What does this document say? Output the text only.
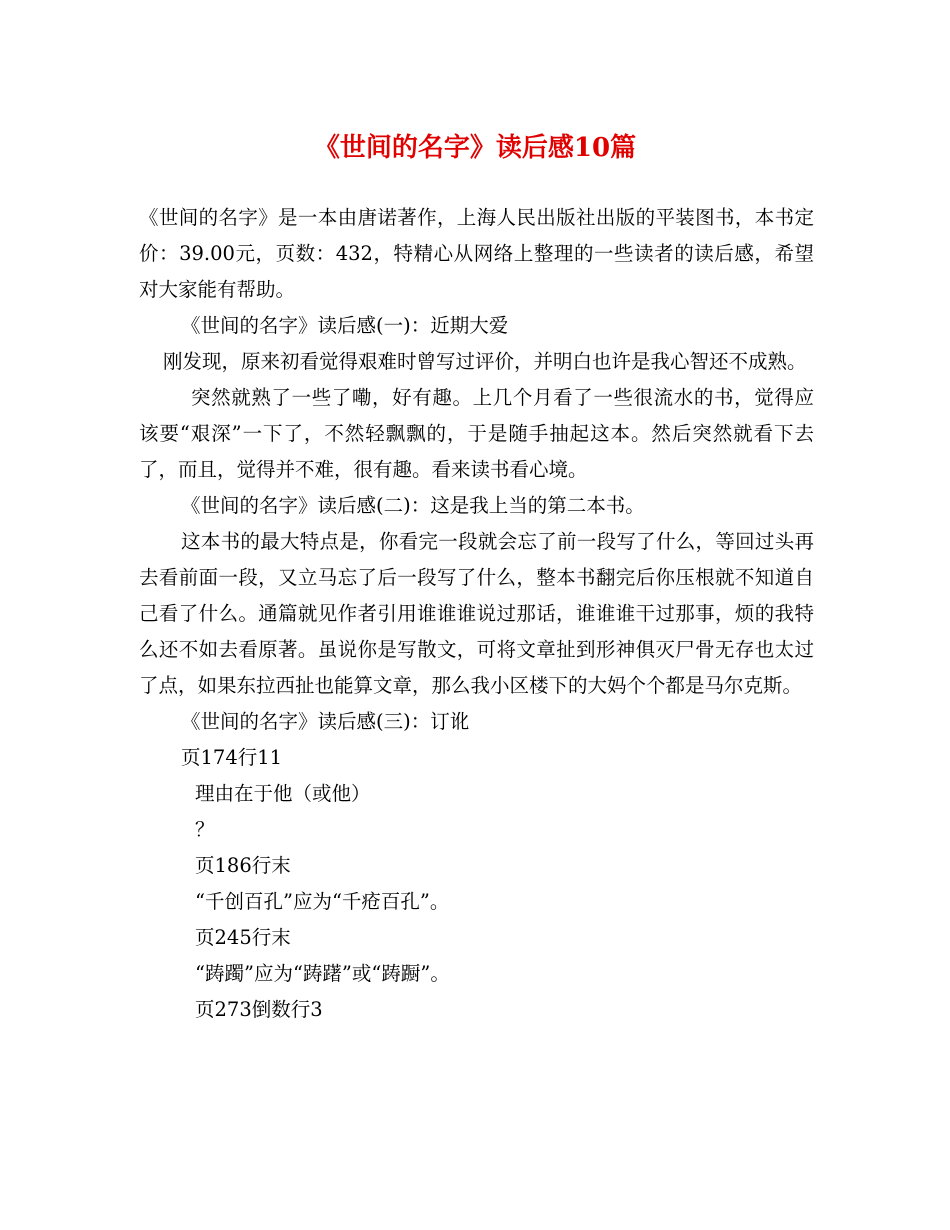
《世间的名字》读后感10篇

《世间的名字》是一本由唐诺著作，上海人民出版社出版的平装图书，本书定价：39.00元，页数：432，特精心从网络上整理的一些读者的读后感，希望对大家能有帮助。

《世间的名字》读后感(一)：近期大爱

刚发现，原来初看觉得艰难时曾写过评价，并明白也许是我心智还不成熟。

突然就熟了一些了嘞，好有趣。上几个月看了一些很流水的书，觉得应该要“艰深”一下了，不然轻飘飘的，于是随手抽起这本。然后突然就看下去了，而且，觉得并不难，很有趣。看来读书看心境。

《世间的名字》读后感(二)：这是我上当的第二本书。

这本书的最大特点是，你看完一段就会忘了前一段写了什么，等回过头再去看前面一段，又立马忘了后一段写了什么，整本书翻完后你压根就不知道自己看了什么。通篇就见作者引用谁谁谁说过那话，谁谁谁干过那事，烦的我特么还不如去看原著。虽说你是写散文，可将文章扯到形神俱灭尸骨无存也太过了点，如果东拉西扯也能算文章，那么我小区楼下的大妈个个都是马尔克斯。

《世间的名字》读后感(三)：订讹

页174行11

理由在于他（或他）

？

页186行末

“千创百孔”应为“千疮百孔”。

页245行末

“踌躅”应为“踌躇”或“踌蹰”。

页273倒数行3
